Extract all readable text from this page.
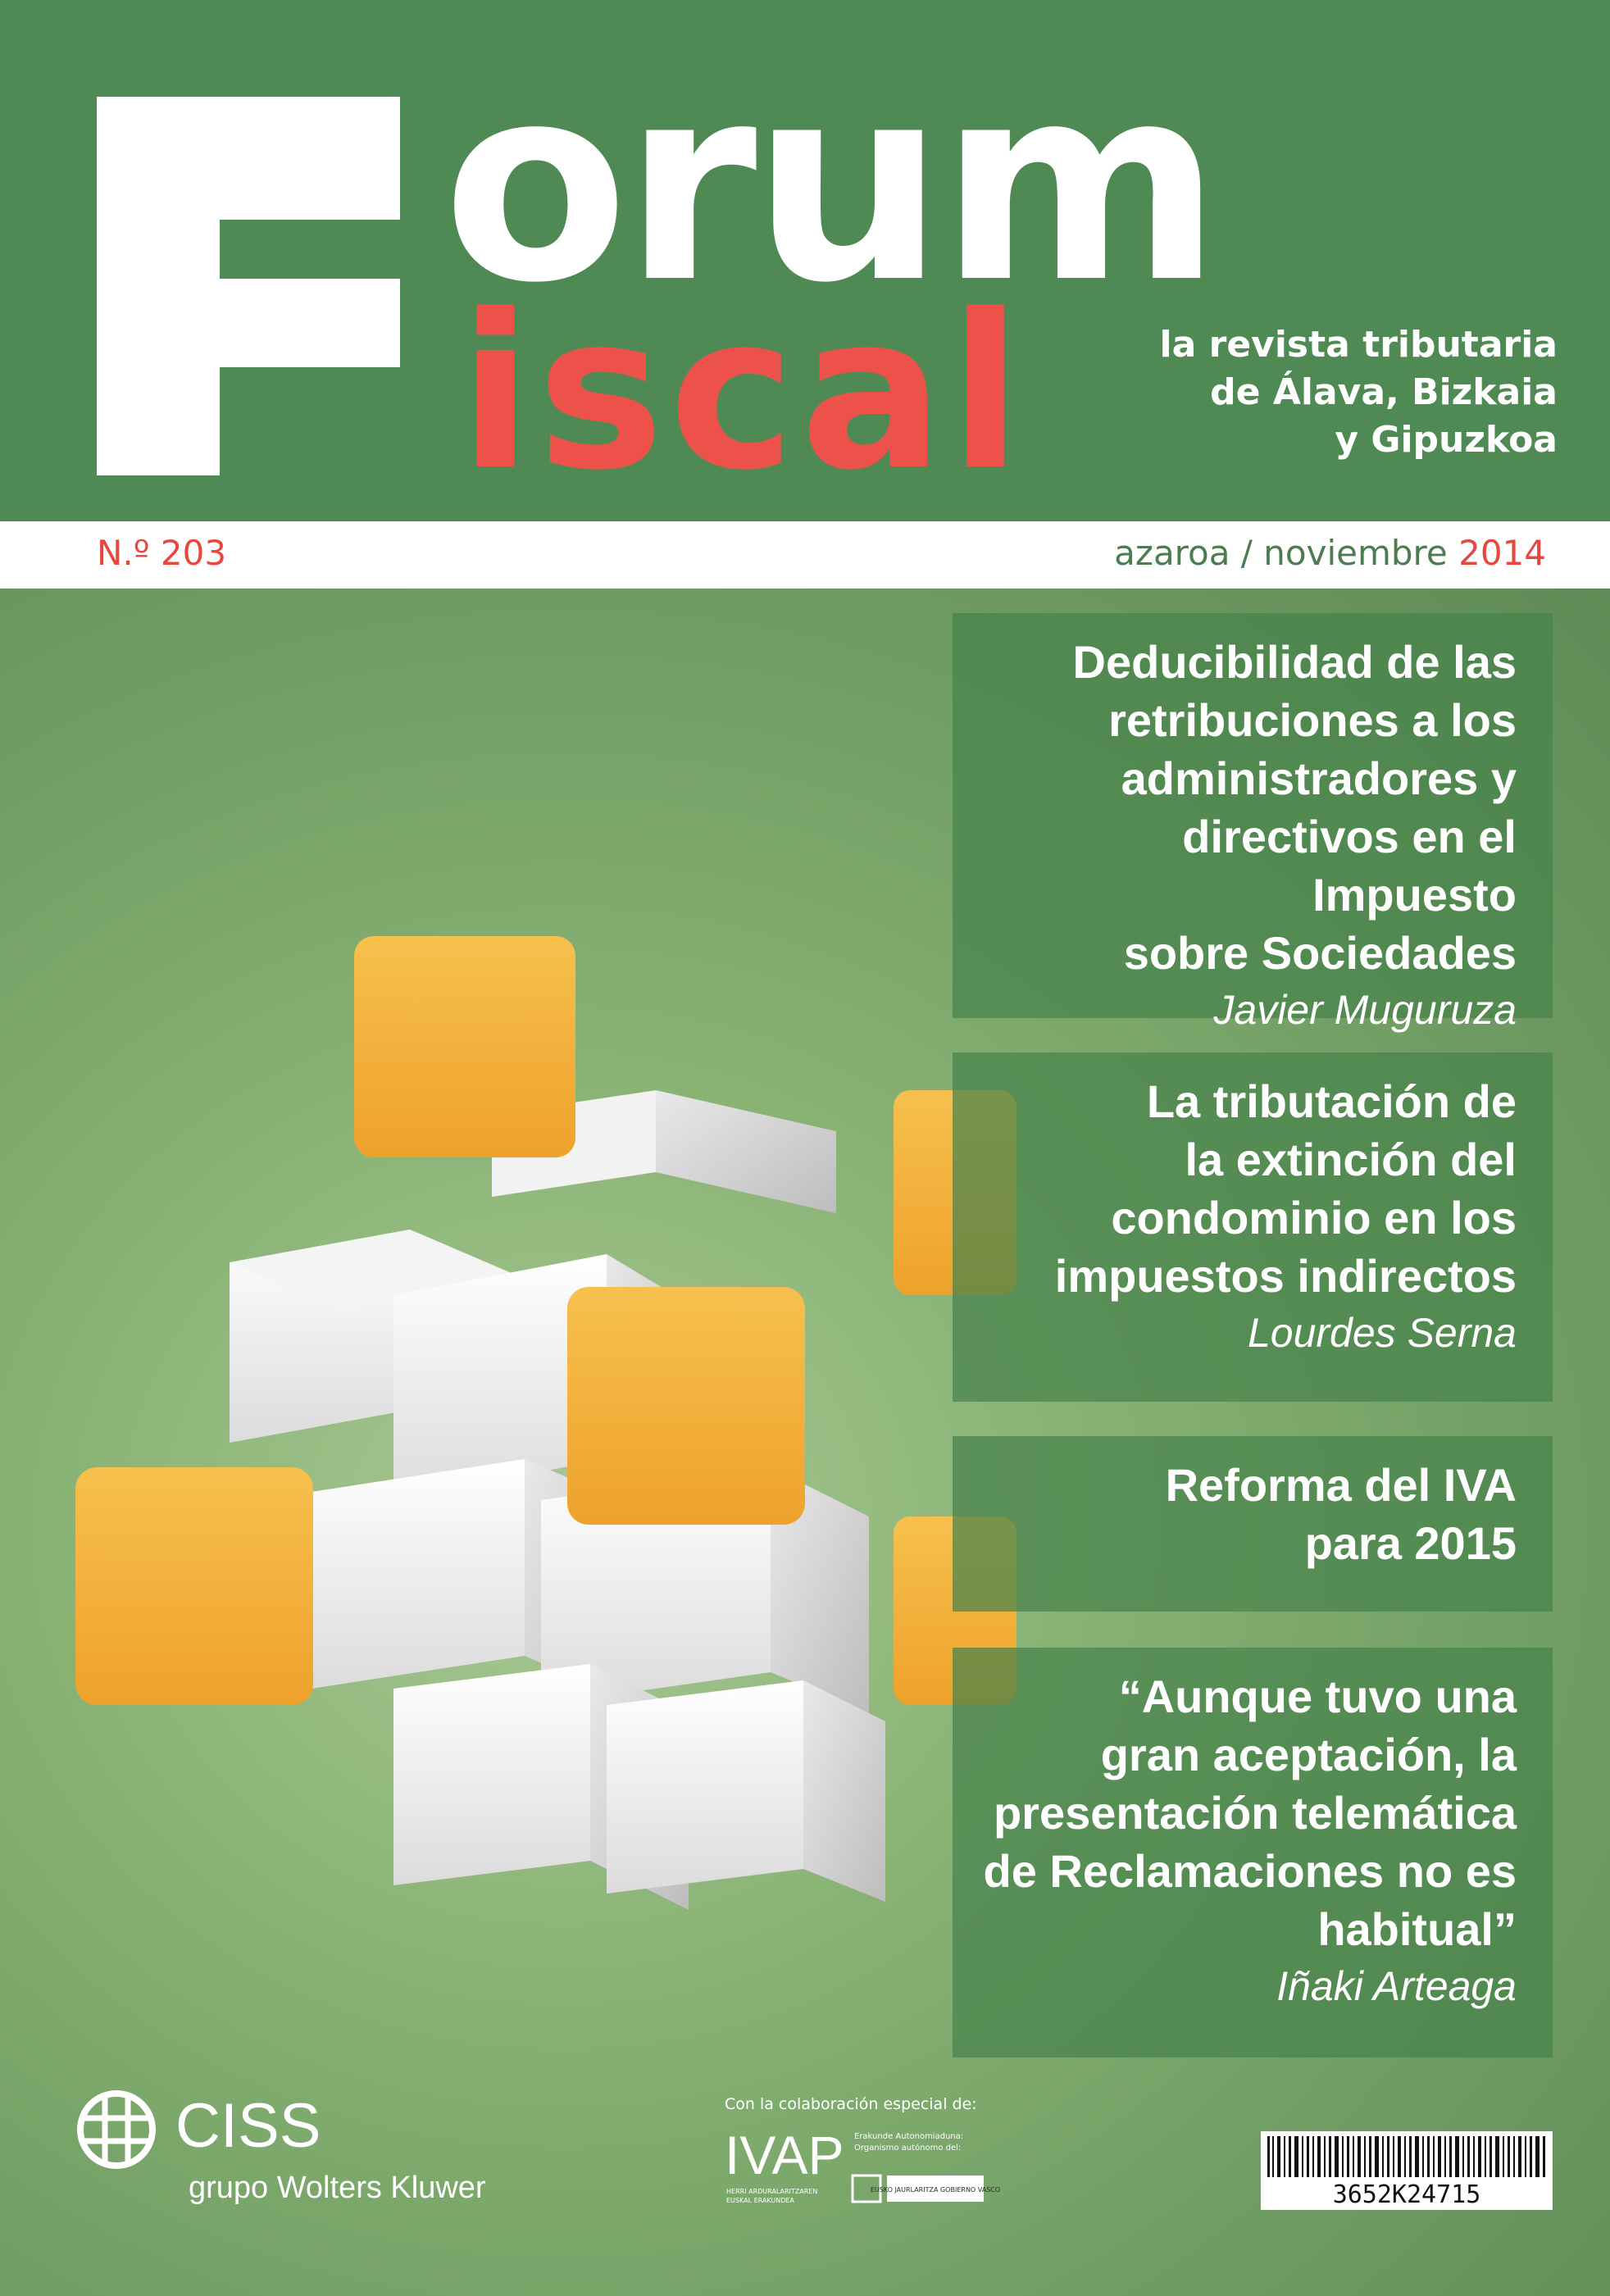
orum
iscal	la revista tributaria
de Álava, Bizkaia
y Gipuzkoa
N.º 203	azaroa / noviembre 2014
Deducibilidad de las
retribuciones a los
administradores y
directivos en el Impuesto
sobre Sociedades
Javier Muguruza
La tributación de
la extinción del
condominio en los
impuestos indirectos
Lourdes Serna
Reforma del IVA
para 2015
“Aunque tuvo una
gran aceptación, la
presentación telemática
de Reclamaciones no es
habitual”
Iñaki Arteaga
CISS
grupo Wolters Kluwer
Con la colaboración especial de:
IVAP
HERRI ARDURALARITZAREN EUSKAL ERAKUNDEA
Erakunde Autonomiaduna: Organismo autónomo del:
EUSKO JAURLARITZA GOBIERNO VASCO	3652K24715
